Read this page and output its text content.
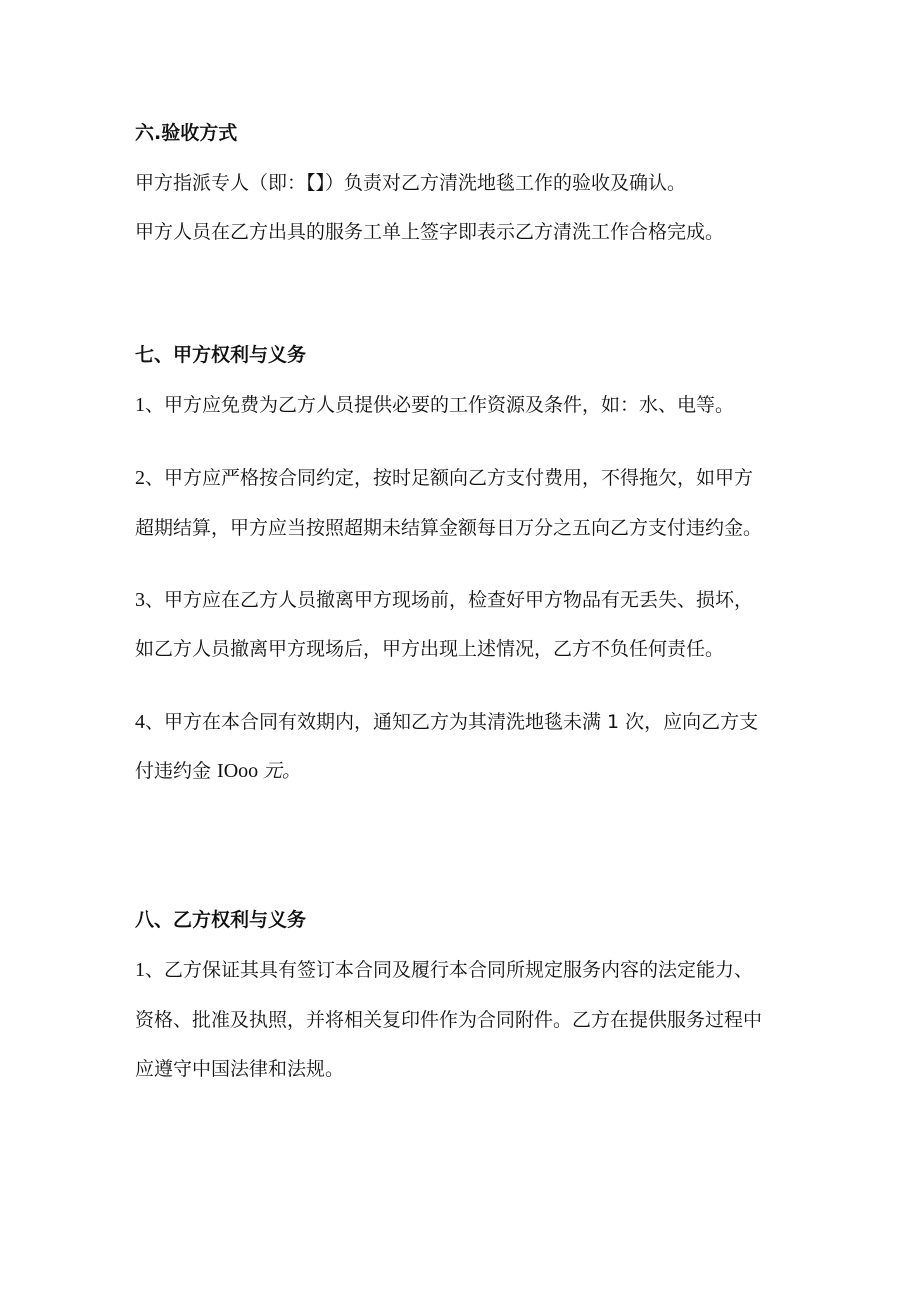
六.验收方式
甲方指派专人（即：【】）负责对乙方清洗地毯工作的验收及确认。
甲方人员在乙方出具的服务工单上签字即表示乙方清洗工作合格完成。
七、甲方权利与义务
1、甲方应免费为乙方人员提供必要的工作资源及条件，如：水、电等。
2、甲方应严格按合同约定，按时足额向乙方支付费用，不得拖欠，如甲方
超期结算，甲方应当按照超期未结算金额每日万分之五向乙方支付违约金。
3、甲方应在乙方人员撤离甲方现场前，检查好甲方物品有无丢失、损坏，
如乙方人员撤离甲方现场后，甲方出现上述情况，乙方不负任何责任。
4、甲方在本合同有效期内，通知乙方为其清洗地毯未满 1 次，应向乙方支
付违约金 IOoo 元。
八、乙方权利与义务
1、乙方保证其具有签订本合同及履行本合同所规定服务内容的法定能力、
资格、批准及执照，并将相关复印件作为合同附件。乙方在提供服务过程中
应遵守中国法律和法规。
